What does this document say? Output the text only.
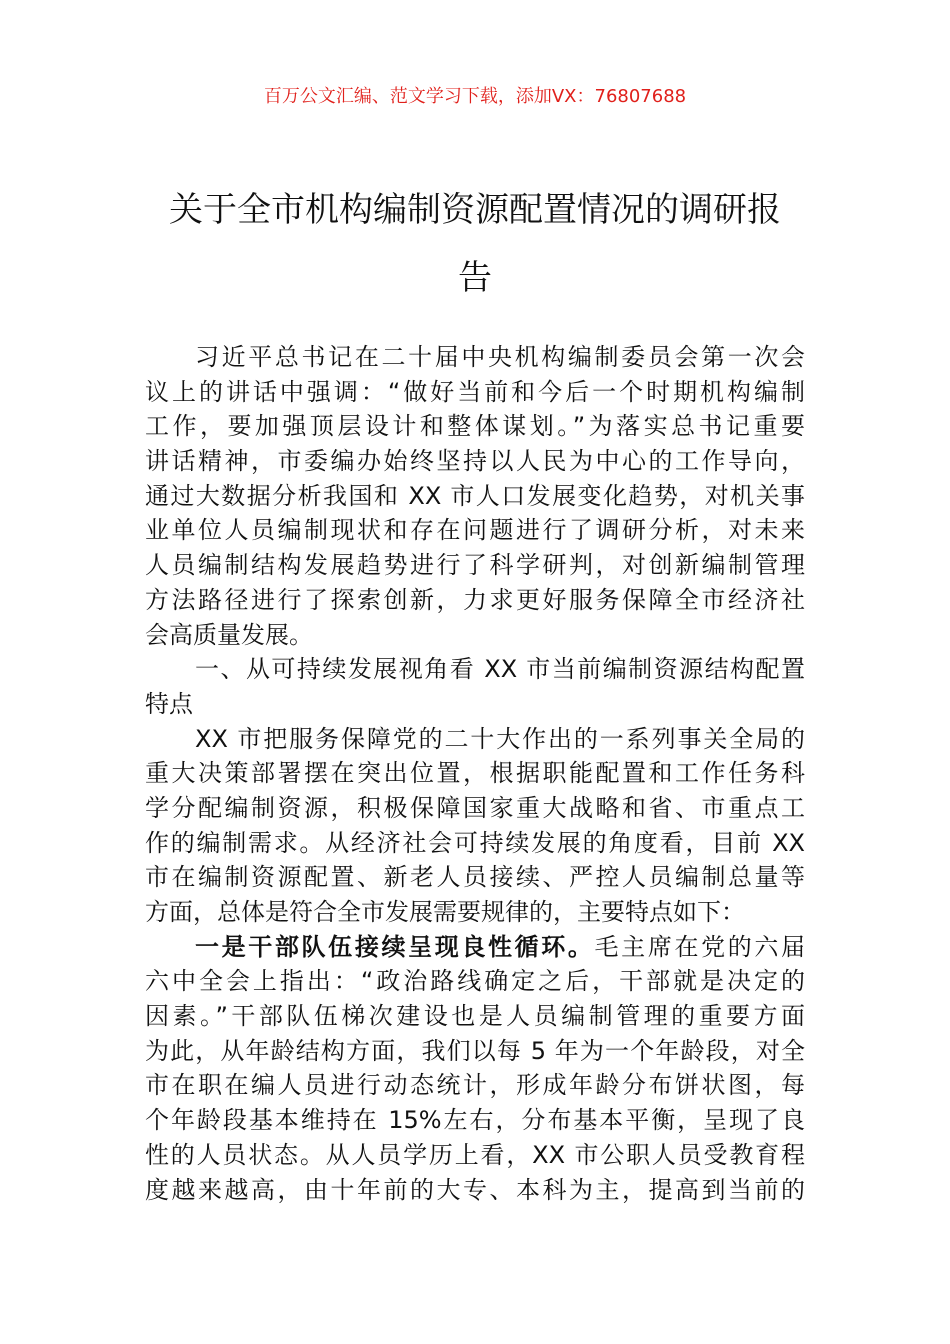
百万公文汇编、范文学习下载，添加VX：76807688
关于全市机构编制资源配置情况的调研报
告
习近平总书记在二十届中央机构编制委员会第一次会
议上的讲话中强调：“做好当前和今后一个时期机构编制
工作，要加强顶层设计和整体谋划。”为落实总书记重要
讲话精神，市委编办始终坚持以人民为中心的工作导向，
通过大数据分析我国和 XX 市人口发展变化趋势，对机关事
业单位人员编制现状和存在问题进行了调研分析，对未来
人员编制结构发展趋势进行了科学研判，对创新编制管理
方法路径进行了探索创新，力求更好服务保障全市经济社
会高质量发展。
一、从可持续发展视角看 XX 市当前编制资源结构配置
特点
XX 市把服务保障党的二十大作出的一系列事关全局的
重大决策部署摆在突出位置，根据职能配置和工作任务科
学分配编制资源，积极保障国家重大战略和省、市重点工
作的编制需求。从经济社会可持续发展的角度看，目前 XX
市在编制资源配置、新老人员接续、严控人员编制总量等
方面，总体是符合全市发展需要规律的，主要特点如下：
一是干部队伍接续呈现良性循环。毛主席在党的六届
六中全会上指出：“政治路线确定之后，干部就是决定的
因素。”干部队伍梯次建设也是人员编制管理的重要方面
为此，从年龄结构方面，我们以每 5 年为一个年龄段，对全
市在职在编人员进行动态统计，形成年龄分布饼状图，每
个年龄段基本维持在 15%左右，分布基本平衡，呈现了良
性的人员状态。从人员学历上看，XX 市公职人员受教育程
度越来越高，由十年前的大专、本科为主，提高到当前的
